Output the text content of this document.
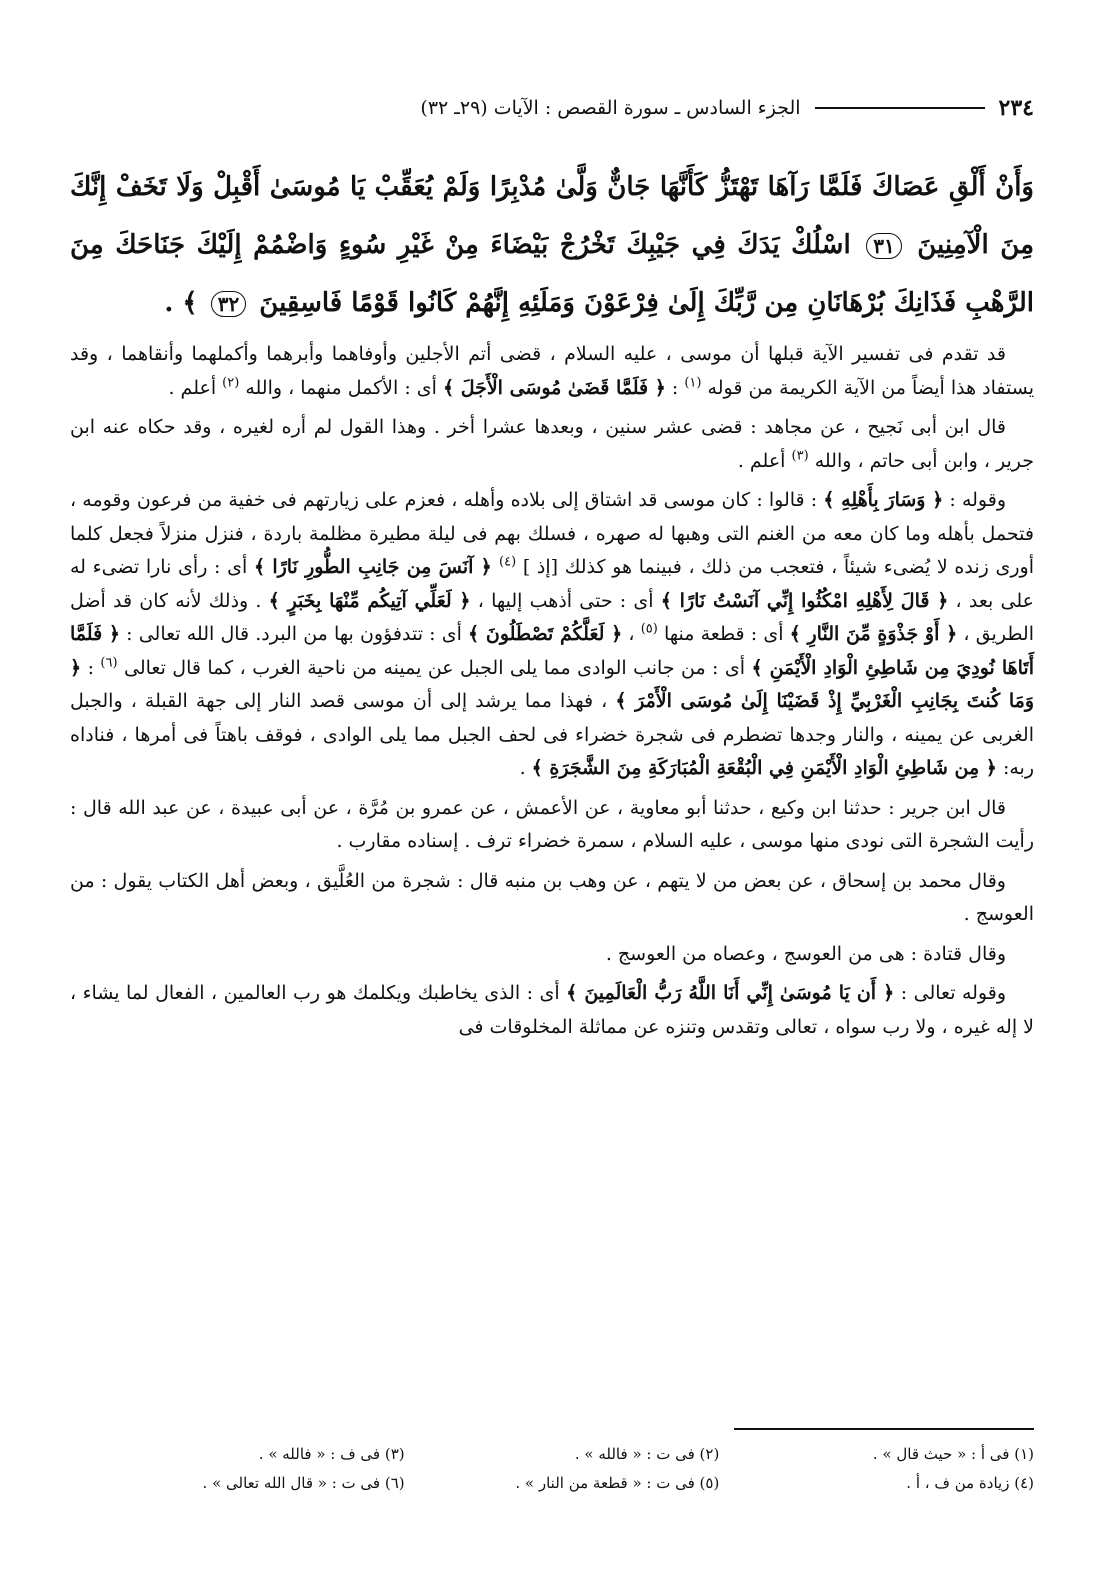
٢٣٤
الجزء السادس ـ سورة القصص : الآيات (٢٩ـ ٣٢)
وَأَنْ أَلْقِ عَصَاكَ فَلَمَّا رَآهَا تَهْتَزُّ كَأَنَّهَا جَانٌّ وَلَّىٰ مُدْبِرًا وَلَمْ يُعَقِّبْ يَا مُوسَىٰ أَقْبِلْ وَلَا تَخَفْ إِنَّكَ مِنَ الْآمِنِينَ ٣١ اسْلُكْ يَدَكَ فِي جَيْبِكَ تَخْرُجْ بَيْضَاءَ مِنْ غَيْرِ سُوءٍ وَاضْمُمْ إِلَيْكَ جَنَاحَكَ مِنَ الرَّهْبِ فَذَانِكَ بُرْهَانَانِ مِن رَّبِّكَ إِلَىٰ فِرْعَوْنَ وَمَلَئِهِ إِنَّهُمْ كَانُوا قَوْمًا فَاسِقِينَ ٣٢ ﴾ .

قد تقدم فى تفسير الآية قبلها أن موسى ، عليه السلام ، قضى أتم الأجلين وأوفاهما وأبرهما وأكملهما وأنقاهما ، وقد يستفاد هذا أيضاً من الآية الكريمة من قوله $^{(١)}$ : ﴿ فَلَمَّا قَضَىٰ مُوسَى الْأَجَلَ ﴾ أى : الأكمل منهما ، والله $^{(٢)}$ أعلم .

قال ابن أبى نَجيح ، عن مجاهد : قضى عشر سنين ، وبعدها عشرا أخر . وهذا القول لم أره لغيره ، وقد حكاه عنه ابن جرير ، وابن أبى حاتم ، والله $^{(٣)}$ أعلم .

وقوله : ﴿ وَسَارَ بِأَهْلِهِ ﴾ : قالوا : كان موسى قد اشتاق إلى بلاده وأهله ، فعزم على زيارتهم فى خفية من فرعون وقومه ، فتحمل بأهله وما كان معه من الغنم التى وهبها له صهره ، فسلك بهم فى ليلة مطيرة مظلمة باردة ، فنزل منزلاً فجعل كلما أورى زنده لا يُضىء شيئاً ، فتعجب من ذلك ، فبينما هو كذلك [إذ ] $^{(٤)}$ ﴿ آنَسَ مِن جَانِبِ الطُّورِ نَارًا ﴾ أى : رأى نارا تضىء له على بعد ، ﴿ قَالَ لِأَهْلِهِ امْكُثُوا إِنِّي آنَسْتُ نَارًا ﴾ أى : حتى أذهب إليها ، ﴿ لَعَلِّي آتِيكُم مِّنْهَا بِخَبَرٍ ﴾ . وذلك لأنه كان قد أضل الطريق ، ﴿ أَوْ جَذْوَةٍ مِّنَ النَّارِ ﴾ أى : قطعة منها $^{(٥)}$ ، ﴿ لَعَلَّكُمْ تَصْطَلُونَ ﴾ أى : تتدفؤون بها من البرد. قال الله تعالى : ﴿ فَلَمَّا أَتَاهَا نُودِيَ مِن شَاطِئِ الْوَادِ الْأَيْمَنِ ﴾ أى : من جانب الوادى مما يلى الجبل عن يمينه من ناحية الغرب ، كما قال تعالى $^{(٦)}$ : ﴿ وَمَا كُنتَ بِجَانِبِ الْغَرْبِيِّ إِذْ قَضَيْنَا إِلَىٰ مُوسَى الْأَمْرَ ﴾ ، فهذا مما يرشد إلى أن موسى قصد النار إلى جهة القبلة ، والجبل الغربى عن يمينه ، والنار وجدها تضطرم فى شجرة خضراء فى لحف الجبل مما يلى الوادى ، فوقف باهتاً فى أمرها ، فناداه ربه: ﴿ مِن شَاطِئِ الْوَادِ الْأَيْمَنِ فِي الْبُقْعَةِ الْمُبَارَكَةِ مِنَ الشَّجَرَةِ ﴾ .

قال ابن جرير : حدثنا ابن وكيع ، حدثنا أبو معاوية ، عن الأعمش ، عن عمرو بن مُرَّة ، عن أبى عبيدة ، عن عبد الله قال : رأيت الشجرة التى نودى منها موسى ، عليه السلام ، سمرة خضراء ترف . إسناده مقارب .

وقال محمد بن إسحاق ، عن بعض من لا يتهم ، عن وهب بن منبه قال : شجرة من العُلَّيق ، وبعض أهل الكتاب يقول : من العوسج .

وقال قتادة : هى من العوسج ، وعصاه من العوسج .

وقوله تعالى : ﴿ أَن يَا مُوسَىٰ إِنِّي أَنَا اللَّهُ رَبُّ الْعَالَمِينَ ﴾ أى : الذى يخاطبك ويكلمك هو رب العالمين ، الفعال لما يشاء ، لا إله غيره ، ولا رب سواه ، تعالى وتقدس وتنزه عن مماثلة المخلوقات فى

(١) فى أ : « حيث قال » .
(٢) فى ت : « فالله » .
(٣) فى ف : « فالله » .
(٤) زيادة من ف ، أ .
(٥) فى ت : « قطعة من النار » .
(٦) فى ت : « قال الله تعالى » .
